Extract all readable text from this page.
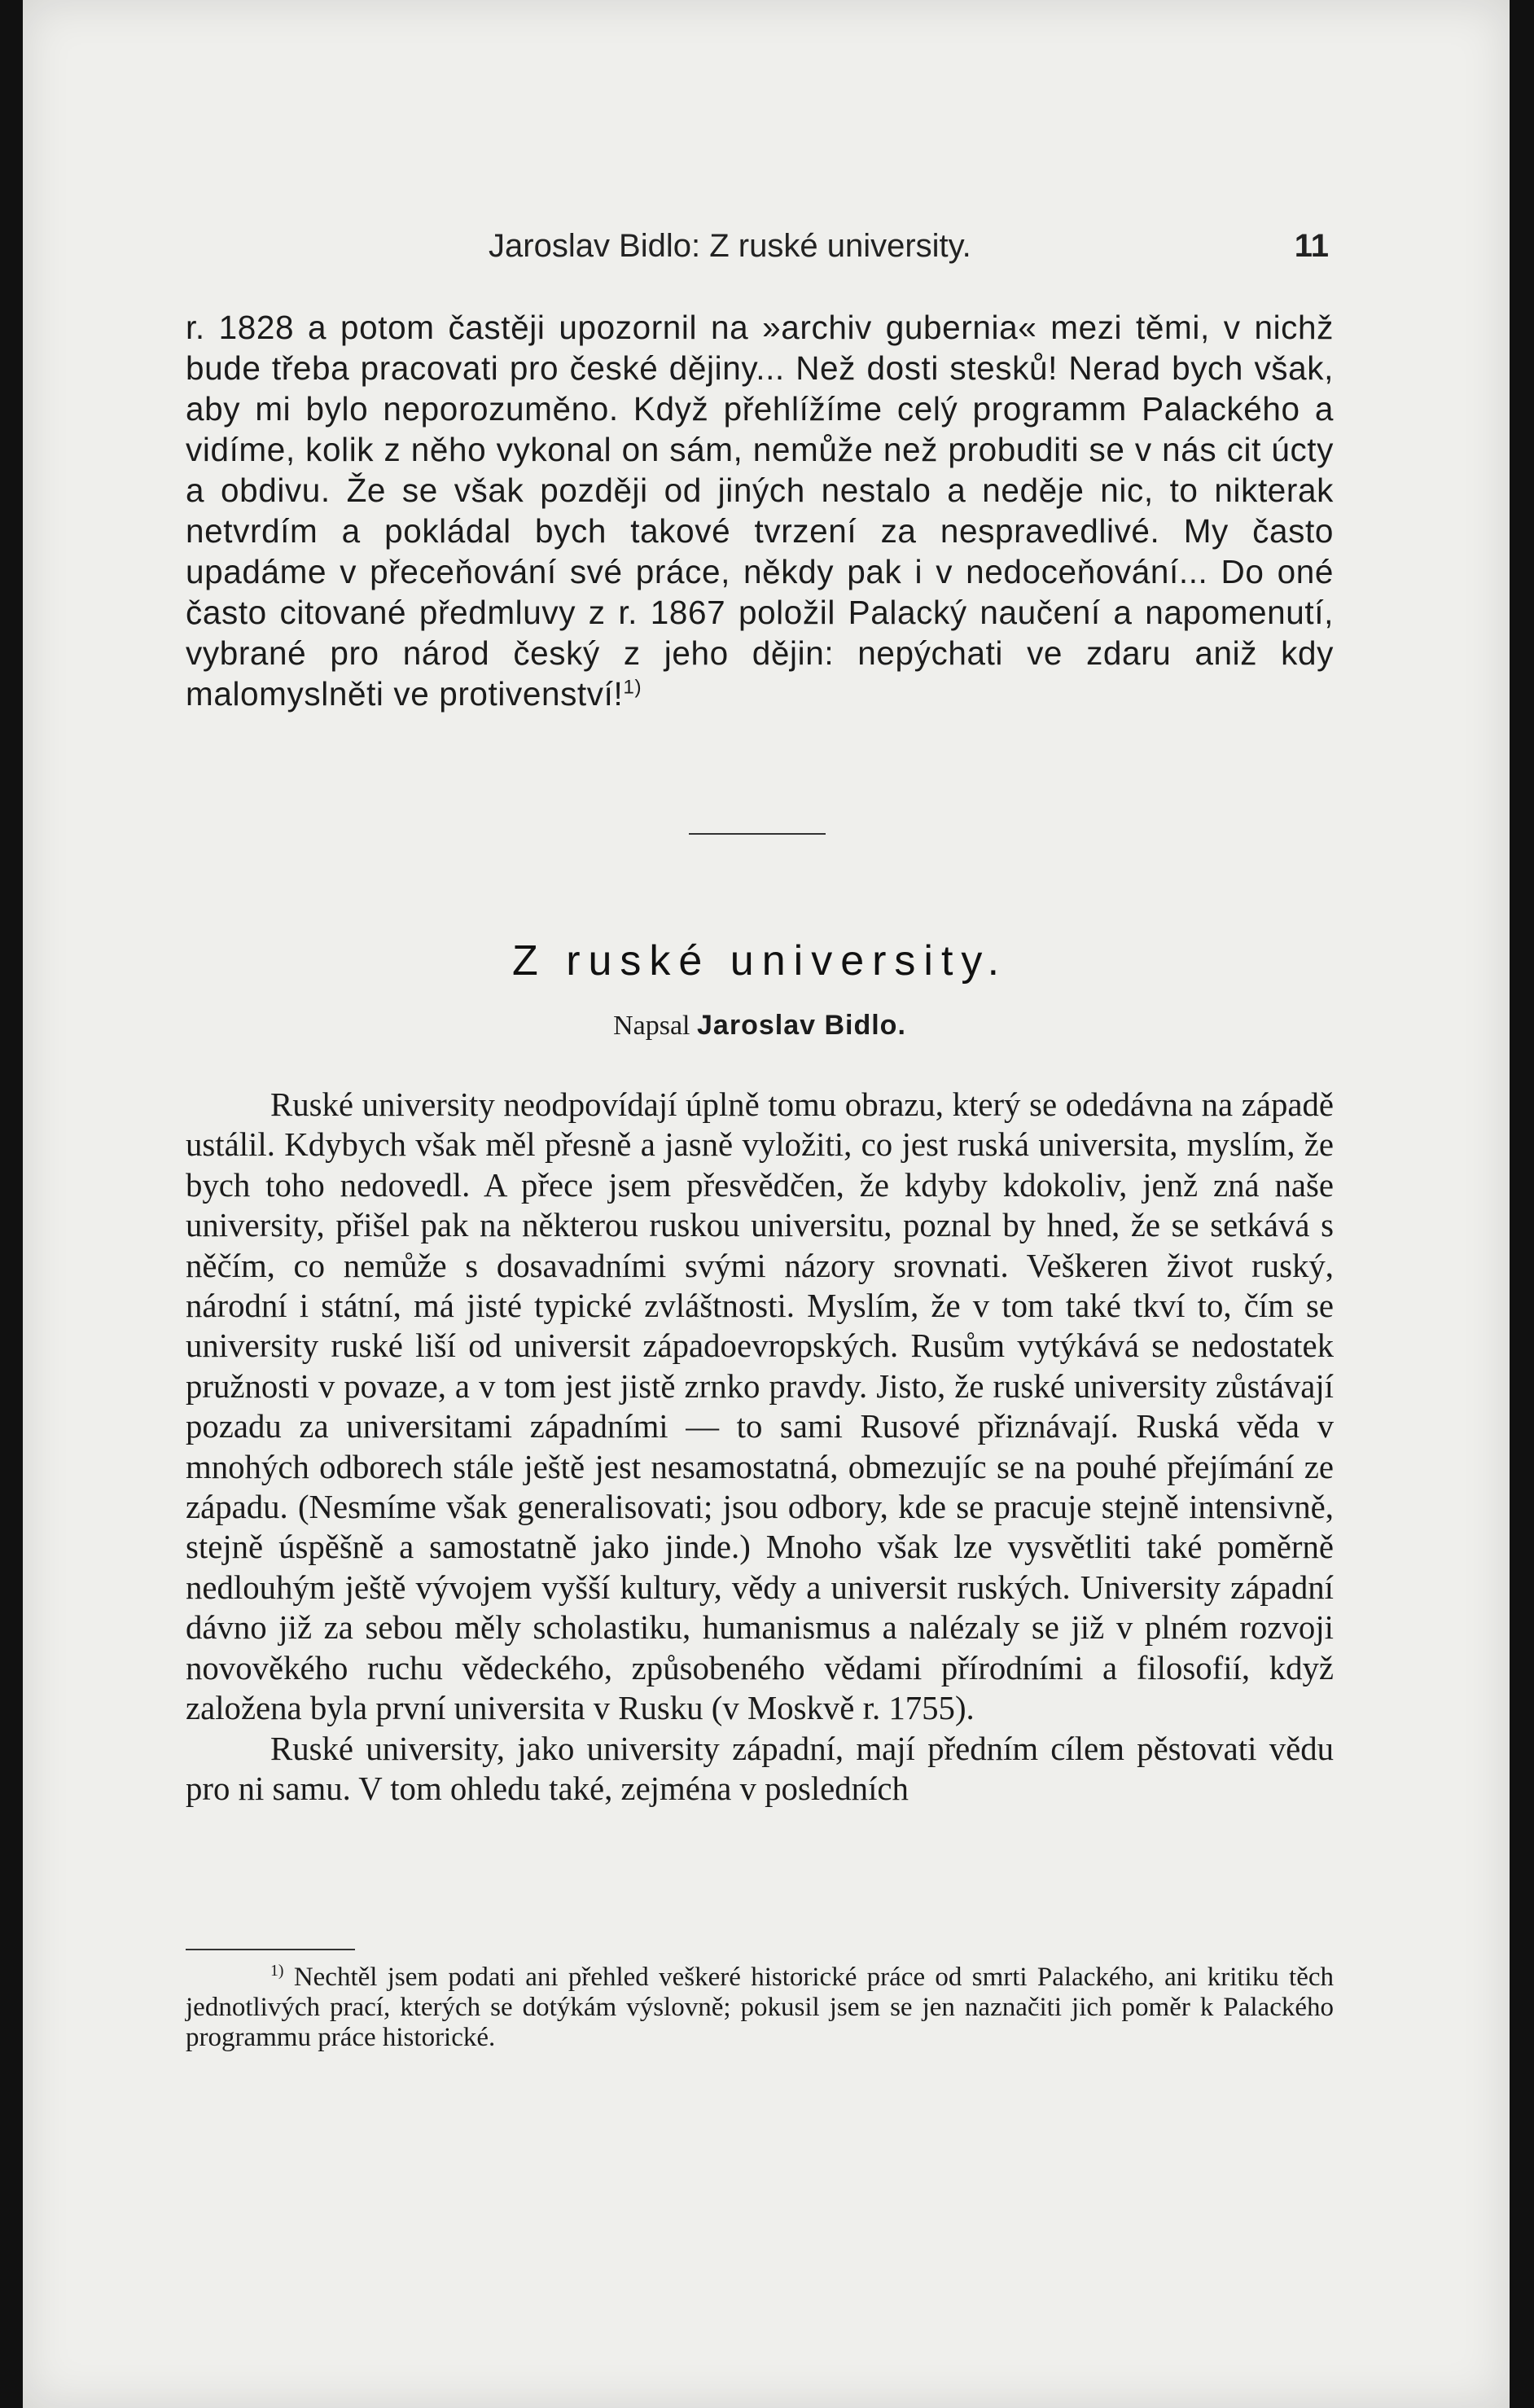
Jaroslav Bidlo: Z ruské university.	11

r. 1828 a potom častěji upozornil na »archiv gubernia« mezi těmi, v nichž bude třeba pracovati pro české dějiny... Než dosti stesků! Nerad bych však, aby mi bylo neporozuměno. Když přehlížíme celý programm Palackého a vidíme, kolik z něho vykonal on sám, nemůže než probuditi se v nás cit úcty a obdivu. Že se však později od jiných nestalo a neděje nic, to nikterak netvrdím a pokládal bych takové tvrzení za nespravedlivé. My často upadáme v přeceňování své práce, někdy pak i v nedoceňování... Do oné často citované předmluvy z r. 1867 položil Palacký naučení a napomenutí, vybrané pro národ český z jeho dějin: nepýchati ve zdaru aniž kdy malomyslněti ve protivenství!$^{1)}$

Z ruské university.
Napsal Jaroslav Bidlo.

Ruské university neodpovídají úplně tomu obrazu, který se odedávna na západě ustálil. Kdybych však měl přesně a jasně vyložiti, co jest ruská universita, myslím, že bych toho nedovedl. A přece jsem přesvědčen, že kdyby kdokoliv, jenž zná naše university, přišel pak na některou ruskou universitu, poznal by hned, že se setkává s něčím, co nemůže s dosavadními svými názory srovnati. Veškeren život ruský, národní i státní, má jisté typické zvláštnosti. Myslím, že v tom také tkví to, čím se university ruské liší od universit západoevropských. Rusům vytýkává se nedostatek pružnosti v povaze, a v tom jest jistě zrnko pravdy. Jisto, že ruské university zůstávají pozadu za universitami západními — to sami Rusové přiznávají. Ruská věda v mnohých odborech stále ještě jest nesamostatná, obmezujíc se na pouhé přejímání ze západu. (Nesmíme však generalisovati; jsou odbory, kde se pracuje stejně intensivně, stejně úspěšně a samostatně jako jinde.) Mnoho však lze vysvětliti také poměrně nedlouhým ještě vývojem vyšší kultury, vědy a universit ruských. University západní dávno již za sebou měly scholastiku, humanismus a nalézaly se již v plném rozvoji novověkého ruchu vědeckého, způsobeného vědami přírodními a filosofií, když založena byla první universita v Rusku (v Moskvě r. 1755).

Ruské university, jako university západní, mají předním cílem pěstovati vědu pro ni samu. V tom ohledu také, zejména v posledních

$^{1)}$ Nechtěl jsem podati ani přehled veškeré historické práce od smrti Palackého, ani kritiku těch jednotlivých prací, kterých se dotýkám výslovně; pokusil jsem se jen naznačiti jich poměr k Palackého programmu práce historické.
